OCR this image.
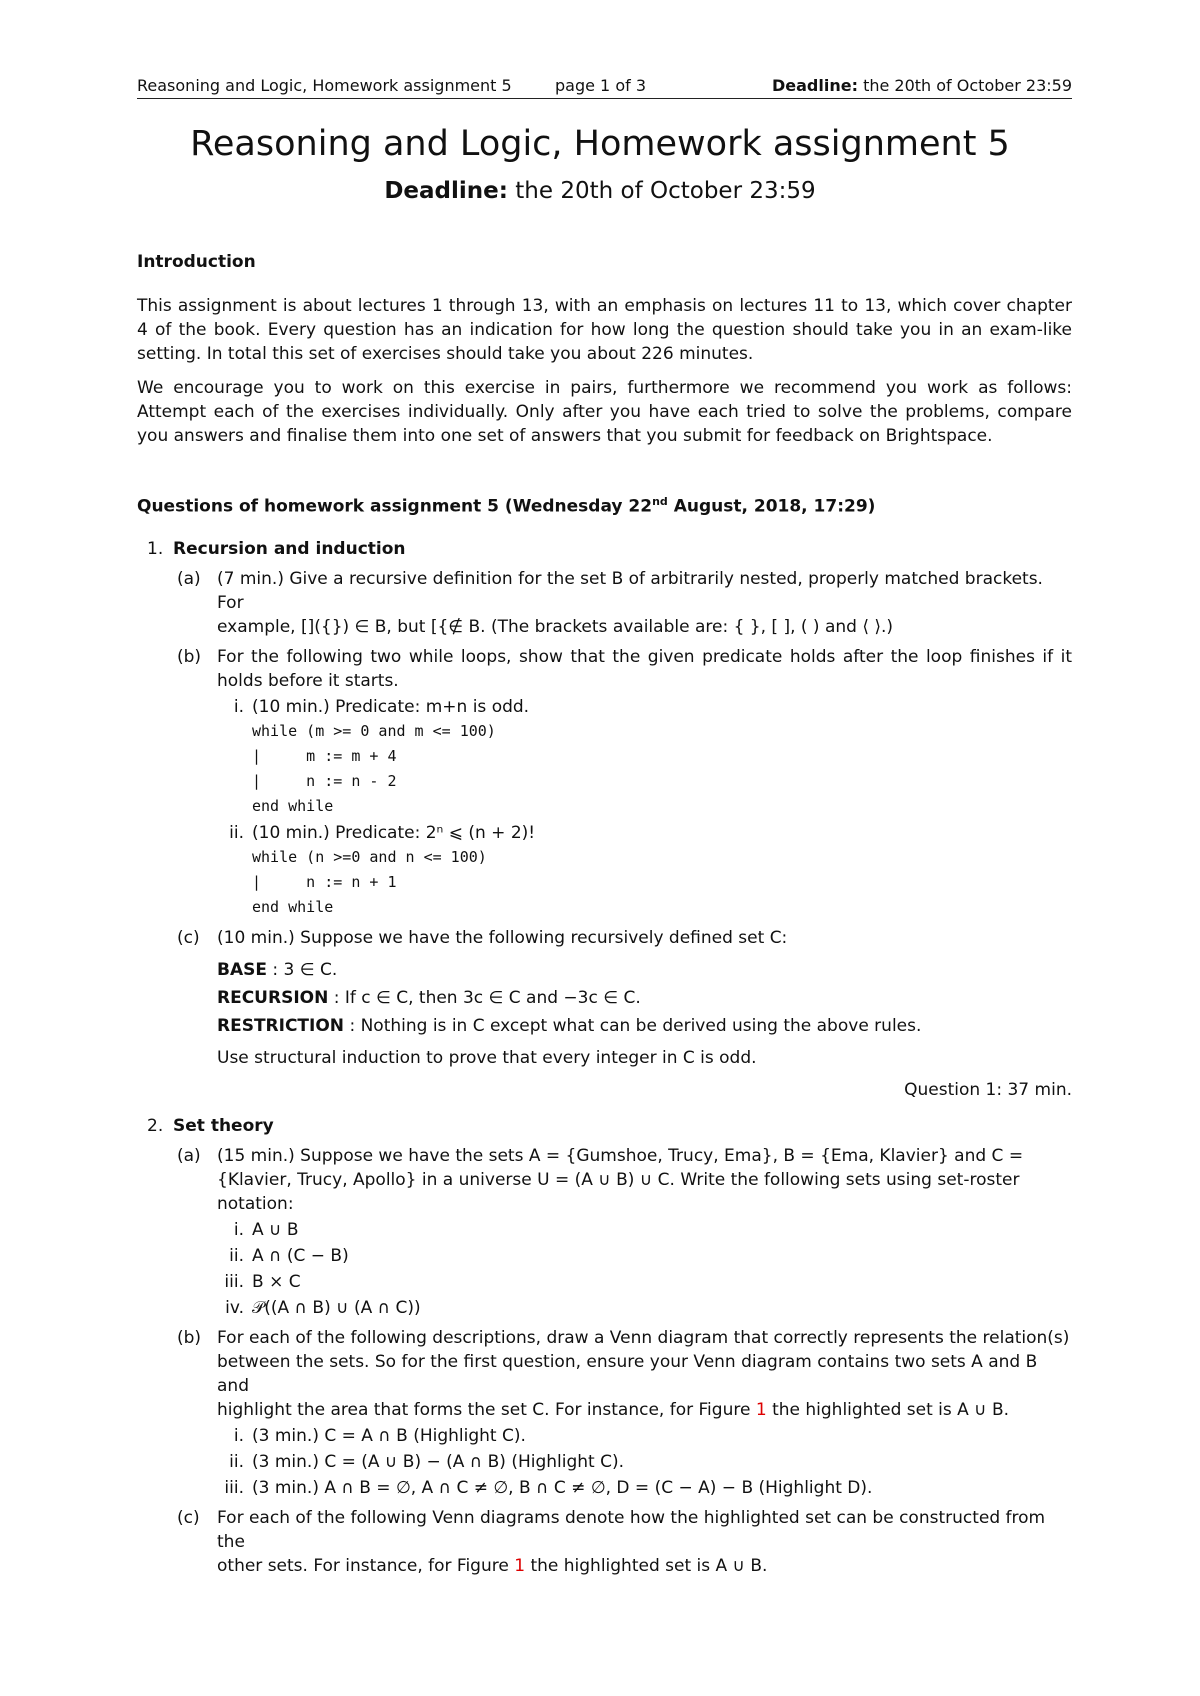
Reasoning and Logic, Homework assignment 5	page 1 of 3	Deadline: the 20th of October 23:59
Reasoning and Logic, Homework assignment 5
Deadline: the 20th of October 23:59
Introduction

This assignment is about lectures 1 through 13, with an emphasis on lectures 11 to 13, which cover chapter 4 of the book. Every question has an indication for how long the question should take you in an exam-like setting. In total this set of exercises should take you about 226 minutes.

We encourage you to work on this exercise in pairs, furthermore we recommend you work as follows: Attempt each of the exercises individually. Only after you have each tried to solve the problems, compare you answers and finalise them into one set of answers that you submit for feedback on Brightspace.

Questions of homework assignment 5 (Wednesday 22nd August, 2018, 17:29)
1. Recursion and induction
(a) (7 min.) Give a recursive definition for the set B of arbitrarily nested, properly matched brackets. For
example, []({}) ∈ B, but [{∉ B. (The brackets available are: { }, [ ], ( ) and ⟨ ⟩.)
(b) For the following two while loops, show that the given predicate holds after the loop finishes if it holds before it starts.

i. (10 min.) Predicate: m+n is odd.
while (m >= 0 and m <= 100)
|     m := m + 4
|     n := n - 2
end while
ii. (10 min.) Predicate: 2ⁿ ⩽ (n + 2)!
while (n >=0 and n <= 100)
|     n := n + 1
end while
(c) (10 min.) Suppose we have the following recursively defined set C:
BASE : 3 ∈ C.
RECURSION : If c ∈ C, then 3c ∈ C and −3c ∈ C.
RESTRICTION : Nothing is in C except what can be derived using the above rules.
Use structural induction to prove that every integer in C is odd.
Question 1: 37 min.
2. Set theory
(a) (15 min.) Suppose we have the sets A = {Gumshoe, Trucy, Ema}, B = {Ema, Klavier} and C =
{Klavier, Trucy, Apollo} in a universe U = (A ∪ B) ∪ C. Write the following sets using set-roster
notation:
i. A ∪ B
ii. A ∩ (C − B)
iii. B × C
iv. 𝒫((A ∩ B) ∪ (A ∩ C))
(b) For each of the following descriptions, draw a Venn diagram that correctly represents the relation(s)
between the sets. So for the first question, ensure your Venn diagram contains two sets A and B and
highlight the area that forms the set C. For instance, for Figure 1 the highlighted set is A ∪ B.
i. (3 min.) C = A ∩ B (Highlight C).
ii. (3 min.) C = (A ∪ B) − (A ∩ B) (Highlight C).
iii. (3 min.) A ∩ B = ∅, A ∩ C ≠ ∅, B ∩ C ≠ ∅, D = (C − A) − B (Highlight D).
(c) For each of the following Venn diagrams denote how the highlighted set can be constructed from the
other sets. For instance, for Figure 1 the highlighted set is A ∪ B.
